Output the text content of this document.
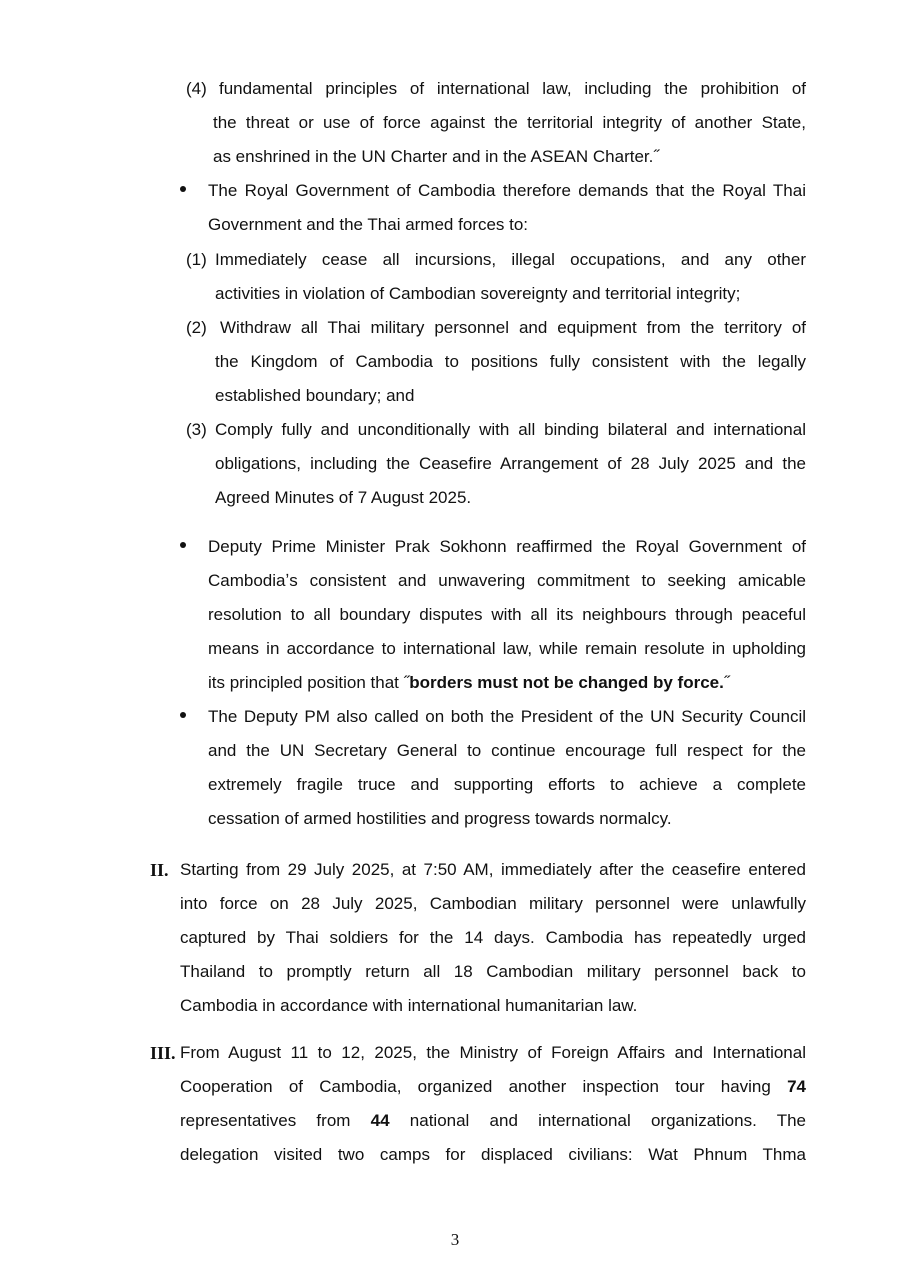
(4) fundamental principles of international law, including the prohibition of
the threat or use of force against the territorial integrity of another State,
as enshrined in the UN Charter and in the ASEAN Charter.˝
The Royal Government of Cambodia therefore demands that the Royal Thai
Government and the Thai armed forces to:
(1) Immediately cease all incursions, illegal occupations, and any other
activities in violation of Cambodian sovereignty and territorial integrity;
(2) Withdraw all Thai military personnel and equipment from the territory of
the Kingdom of Cambodia to positions fully consistent with the legally
established boundary; and
(3) Comply fully and unconditionally with all binding bilateral and international
obligations, including the Ceasefire Arrangement of 28 July 2025 and the
Agreed Minutes of 7 August 2025.
Deputy Prime Minister Prak Sokhonn reaffirmed the Royal Government of
Cambodiaʼs consistent and unwavering commitment to seeking amicable
resolution to all boundary disputes with all its neighbours through peaceful
means in accordance to international law, while remain resolute in upholding
its principled position that ˝borders must not be changed by force.˝
The Deputy PM also called on both the President of the UN Security Council
and the UN Secretary General to continue encourage full respect for the
extremely fragile truce and supporting efforts to achieve a complete
cessation of armed hostilities and progress towards normalcy.
II. Starting from 29 July 2025, at 7:50 AM, immediately after the ceasefire entered
into force on 28 July 2025, Cambodian military personnel were unlawfully
captured by Thai soldiers for the 14 days. Cambodia has repeatedly urged
Thailand to promptly return all 18 Cambodian military personnel back to
Cambodia in accordance with international humanitarian law.
III. From August 11 to 12, 2025, the Ministry of Foreign Affairs and International
Cooperation of Cambodia, organized another inspection tour having 74
representatives from 44 national and international organizations. The
delegation visited two camps for displaced civilians: Wat Phnum Thma
3
